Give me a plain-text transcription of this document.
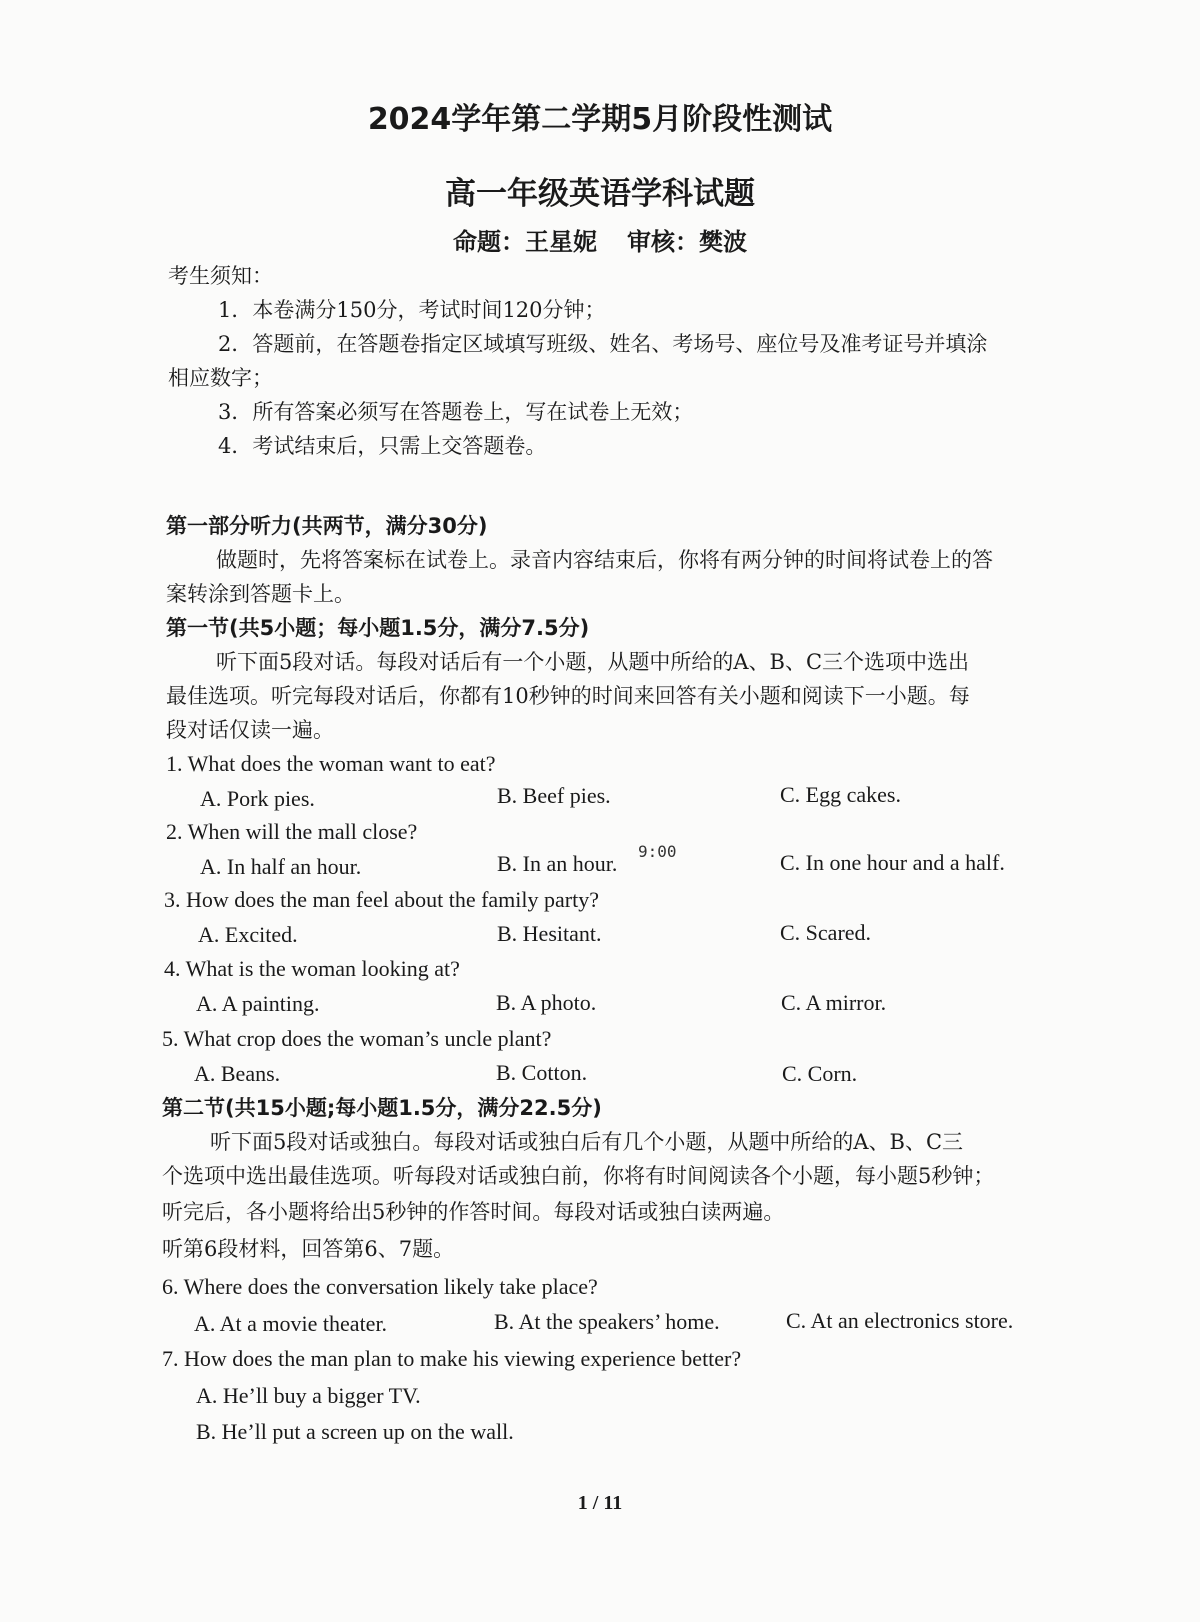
2024学年第二学期5月阶段性测试
高一年级英语学科试题
命题：王星妮 审核：樊波
考生须知：
1．本卷满分150分，考试时间120分钟；
2．答题前，在答题卷指定区域填写班级、姓名、考场号、座位号及准考证号并填涂
相应数字；
3．所有答案必须写在答题卷上，写在试卷上无效；
4．考试结束后，只需上交答题卷。
第一部分听力(共两节，满分30分)
做题时，先将答案标在试卷上。录音内容结束后，你将有两分钟的时间将试卷上的答
案转涂到答题卡上。
第一节(共5小题；每小题1.5分，满分7.5分)
听下面5段对话。每段对话后有一个小题，从题中所给的A、B、C三个选项中选出
最佳选项。听完每段对话后，你都有10秒钟的时间来回答有关小题和阅读下一小题。每
段对话仅读一遍。
1. What does the woman want to eat?
A. Pork pies.	B. Beef pies.	C. Egg cakes.
2. When will the mall close?
A. In half an hour.	B. In an hour. 9:00	C. In one hour and a half.
3. How does the man feel about the family party?
A. Excited.	B. Hesitant.	C. Scared.
4. What is the woman looking at?
A. A painting.	B. A photo.	C. A mirror.
5. What crop does the woman’s uncle plant?
A. Beans.	B. Cotton.	C. Corn.
第二节(共15小题;每小题1.5分，满分22.5分)
听下面5段对话或独白。每段对话或独白后有几个小题，从题中所给的A、B、C三
个选项中选出最佳选项。听每段对话或独白前，你将有时间阅读各个小题，每小题5秒钟；
听完后，各小题将给出5秒钟的作答时间。每段对话或独白读两遍。
听第6段材料，回答第6、7题。
6. Where does the conversation likely take place?
A. At a movie theater.	B. At the speakers’ home.	C. At an electronics store.
7. How does the man plan to make his viewing experience better?
A. He’ll buy a bigger TV.
B. He’ll put a screen up on the wall.
1 / 11
